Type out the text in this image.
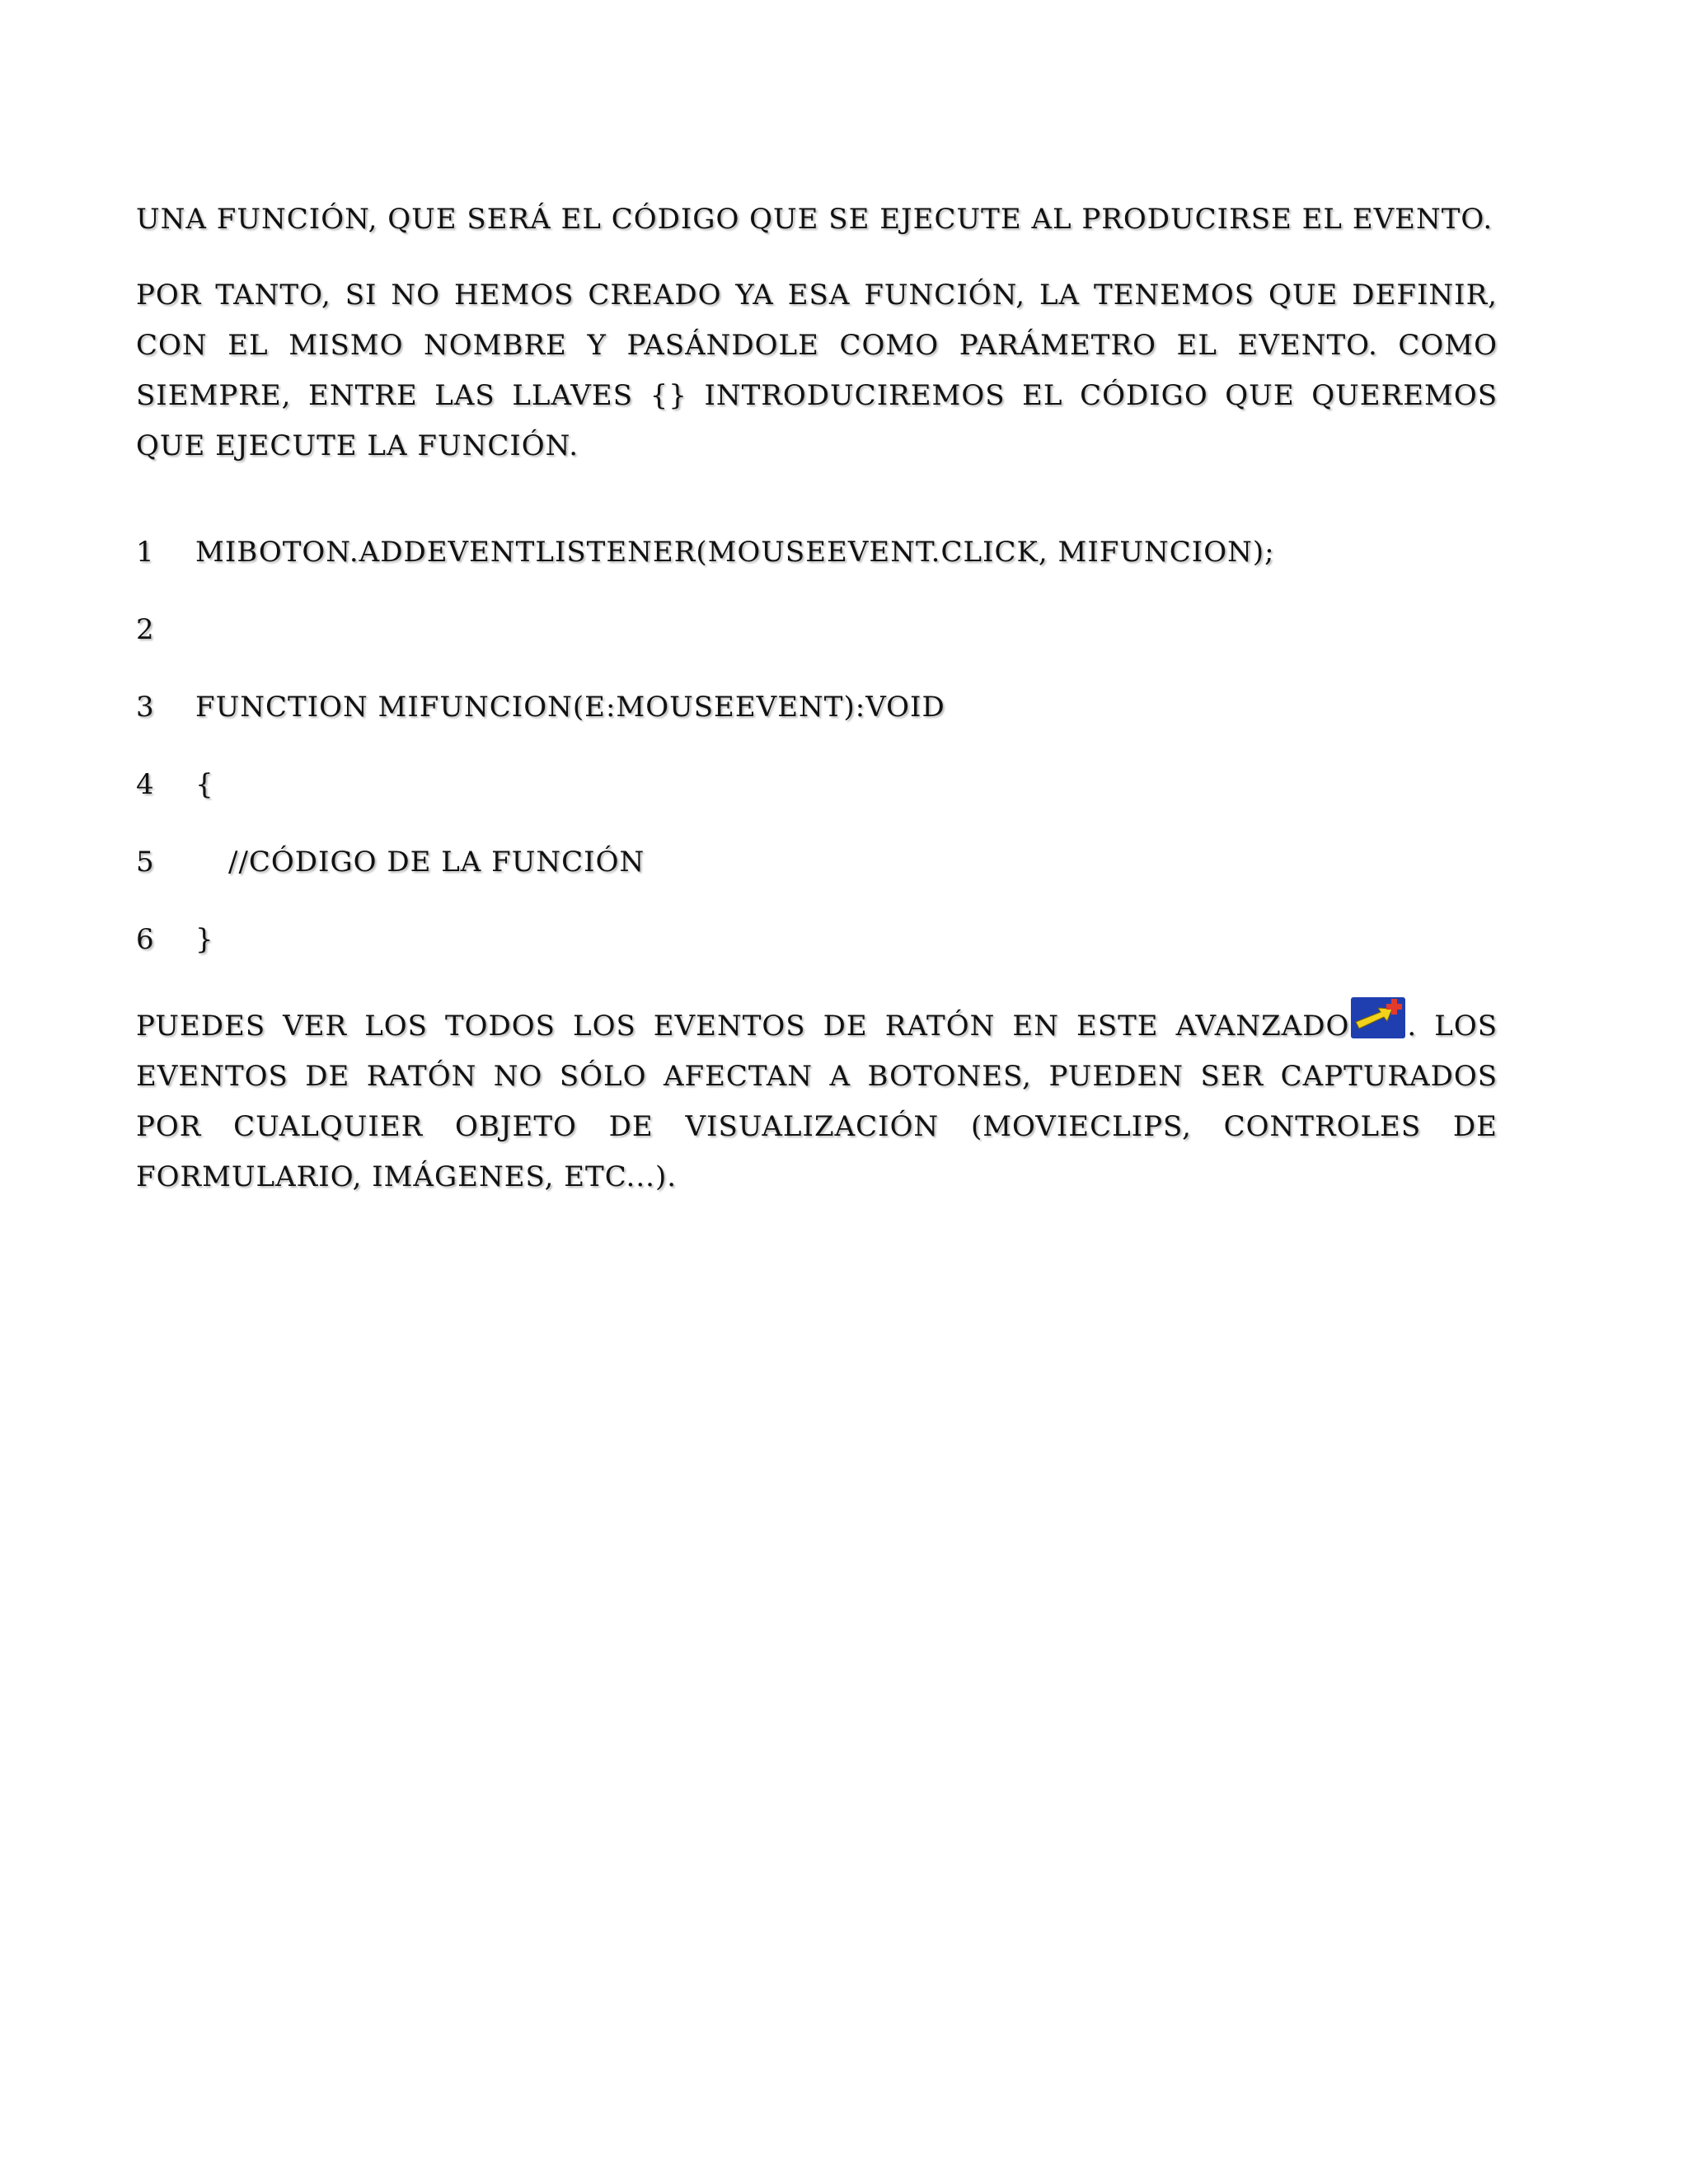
UNA FUNCIÓN, QUE SERÁ EL CÓDIGO QUE SE EJECUTE AL PRODUCIRSE EL EVENTO.

POR TANTO, SI NO HEMOS CREADO YA ESA FUNCIÓN, LA TENEMOS QUE DEFINIR, CON EL MISMO NOMBRE Y PASÁNDOLE COMO PARÁMETRO EL EVENTO. COMO SIEMPRE, ENTRE LAS LLAVES {} INTRODUCIREMOS EL CÓDIGO QUE QUEREMOS QUE EJECUTE LA FUNCIÓN.

1	MIBOTON.ADDEVENTLISTENER(MOUSEEVENT.CLICK, MIFUNCION);
2
3	FUNCTION MIFUNCION(E:MOUSEEVENT):VOID
4	{
5	//CÓDIGO DE LA FUNCIÓN
6	}

PUEDES VER LOS TODOS LOS EVENTOS DE RATÓN EN ESTE AVANZADO . LOS EVENTOS DE RATÓN NO SÓLO AFECTAN A BOTONES, PUEDEN SER CAPTURADOS POR CUALQUIER OBJETO DE VISUALIZACIÓN (MOVIECLIPS, CONTROLES DE FORMULARIO, IMÁGENES, ETC...).
